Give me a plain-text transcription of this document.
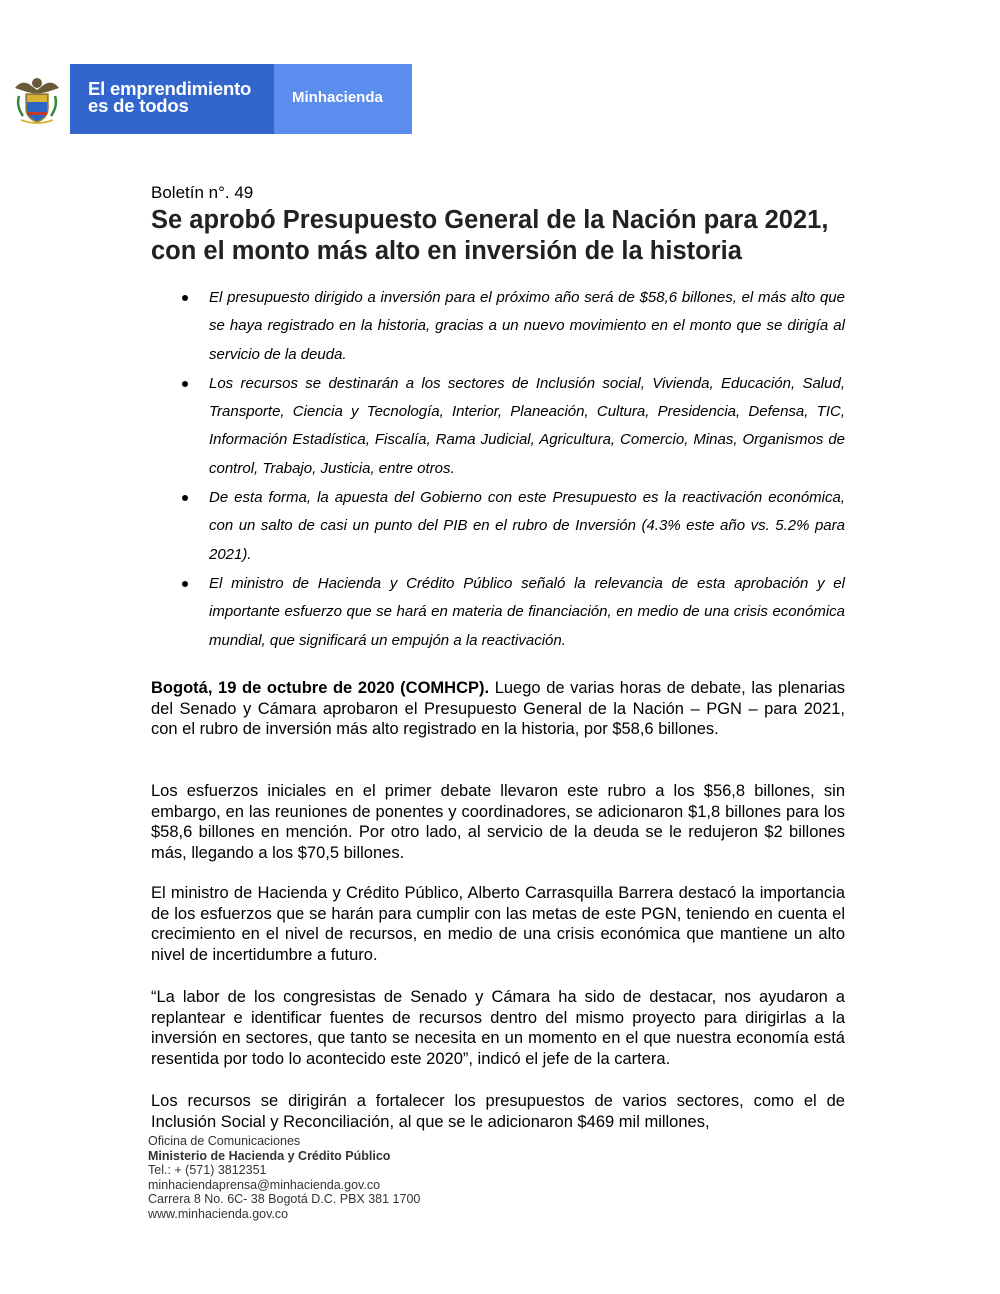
El emprendimiento
es de todos	Minhacienda
Boletín n°. 49
Se aprobó Presupuesto General de la Nación para 2021, con el monto más alto en inversión de la historia
El presupuesto dirigido a inversión para el próximo año será de $58,6 billones, el más alto que se haya registrado en la historia, gracias a un nuevo movimiento en el monto que se dirigía al servicio de la deuda.
Los recursos se destinarán a los sectores de Inclusión social, Vivienda, Educación, Salud, Transporte, Ciencia y Tecnología, Interior, Planeación, Cultura, Presidencia, Defensa, TIC, Información Estadística, Fiscalía, Rama Judicial, Agricultura, Comercio, Minas, Organismos de control, Trabajo, Justicia, entre otros.
De esta forma, la apuesta del Gobierno con este Presupuesto es la reactivación económica, con un salto de casi un punto del PIB en el rubro de Inversión (4.3% este año vs. 5.2% para 2021).
El ministro de Hacienda y Crédito Público señaló la relevancia de esta aprobación y el importante esfuerzo que se hará en materia de financiación, en medio de una crisis económica mundial, que significará un empujón a la reactivación.

Bogotá, 19 de octubre de 2020 (COMHCP). Luego de varias horas de debate, las plenarias del Senado y Cámara aprobaron el Presupuesto General de la Nación – PGN – para 2021, con el rubro de inversión más alto registrado en la historia, por $58,6 billones.

Los esfuerzos iniciales en el primer debate llevaron este rubro a los $56,8 billones, sin embargo, en las reuniones de ponentes y coordinadores, se adicionaron $1,8 billones para los $58,6 billones en mención. Por otro lado, al servicio de la deuda se le redujeron $2 billones más, llegando a los $70,5 billones.

El ministro de Hacienda y Crédito Público, Alberto Carrasquilla Barrera destacó la importancia de los esfuerzos que se harán para cumplir con las metas de este PGN, teniendo en cuenta el crecimiento en el nivel de recursos, en medio de una crisis económica que mantiene un alto nivel de incertidumbre a futuro.

“La labor de los congresistas de Senado y Cámara ha sido de destacar, nos ayudaron a replantear e identificar fuentes de recursos dentro del mismo proyecto para dirigirlas a la inversión en sectores, que tanto se necesita en un momento en el que nuestra economía está resentida por todo lo acontecido este 2020”, indicó el jefe de la cartera.

Los recursos se dirigirán a fortalecer los presupuestos de varios sectores, como el de Inclusión Social y Reconciliación, al que se le adicionaron $469 mil millones,

Oficina de Comunicaciones
Ministerio de Hacienda y Crédito Público
Tel.: + (571) 3812351
minhaciendaprensa@minhacienda.gov.co
Carrera 8 No. 6C- 38 Bogotá D.C. PBX 381 1700
www.minhacienda.gov.co
